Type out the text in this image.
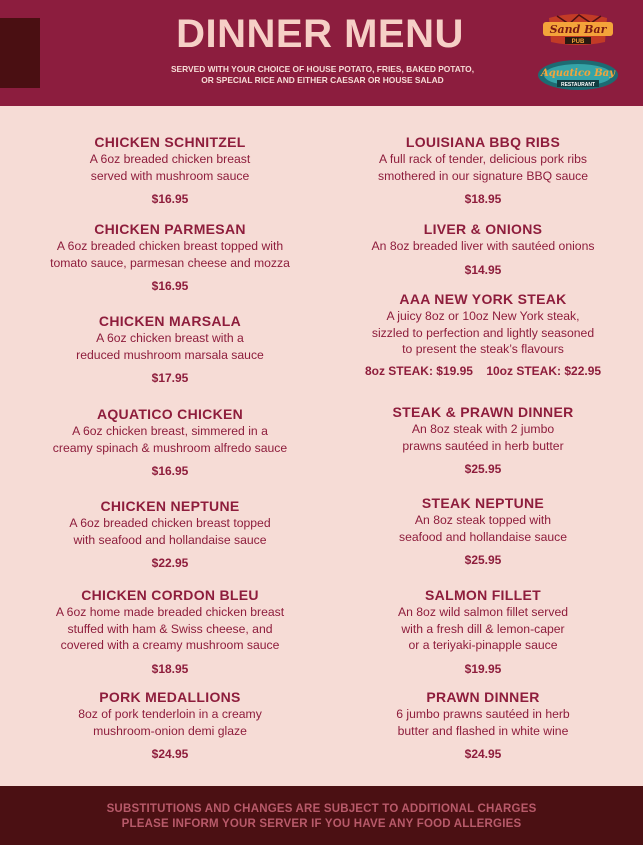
DINNER MENU
SERVED WITH YOUR CHOICE OF HOUSE POTATO, FRIES, BAKED POTATO,
OR SPECIAL RICE AND EITHER CAESAR OR HOUSE SALAD
Sand Bar
PUB
Aquatico Bay
RESTAURANT
CHICKEN SCHNITZEL
A 6oz breaded chicken breast
served with mushroom sauce
$16.95
CHICKEN PARMESAN
A 6oz breaded chicken breast topped with
tomato sauce, parmesan cheese and mozza
$16.95
CHICKEN MARSALA
A 6oz chicken breast with a
reduced mushroom marsala sauce
$17.95
AQUATICO CHICKEN
A 6oz chicken breast, simmered in a
creamy spinach & mushroom alfredo sauce
$16.95
CHICKEN NEPTUNE
A 6oz breaded chicken breast topped
with seafood and hollandaise sauce
$22.95
CHICKEN CORDON BLEU
A 6oz home made breaded chicken breast
stuffed with ham & Swiss cheese, and
covered with a creamy mushroom sauce
$18.95
PORK MEDALLIONS
8oz of pork tenderloin in a creamy
mushroom-onion demi glaze
$24.95
LOUISIANA BBQ RIBS
A full rack of tender, delicious pork ribs
smothered in our signature BBQ sauce
$18.95
LIVER & ONIONS
An 8oz breaded liver with sautéed onions
$14.95
AAA NEW YORK STEAK
A juicy 8oz or 10oz New York steak,
sizzled to perfection and lightly seasoned
to present the steak’s flavours
8oz STEAK: $19.95 10oz STEAK: $22.95
STEAK & PRAWN DINNER
An 8oz steak with 2 jumbo
prawns sautéed in herb butter
$25.95
STEAK NEPTUNE
An 8oz steak topped with
seafood and hollandaise sauce
$25.95
SALMON FILLET
An 8oz wild salmon fillet served
with a fresh dill & lemon-caper
or a teriyaki-pinapple sauce
$19.95
PRAWN DINNER
6 jumbo prawns sautéed in herb
butter and flashed in white wine
$24.95
SUBSTITUTIONS AND CHANGES ARE SUBJECT TO ADDITIONAL CHARGES
PLEASE INFORM YOUR SERVER IF YOU HAVE ANY FOOD ALLERGIES
